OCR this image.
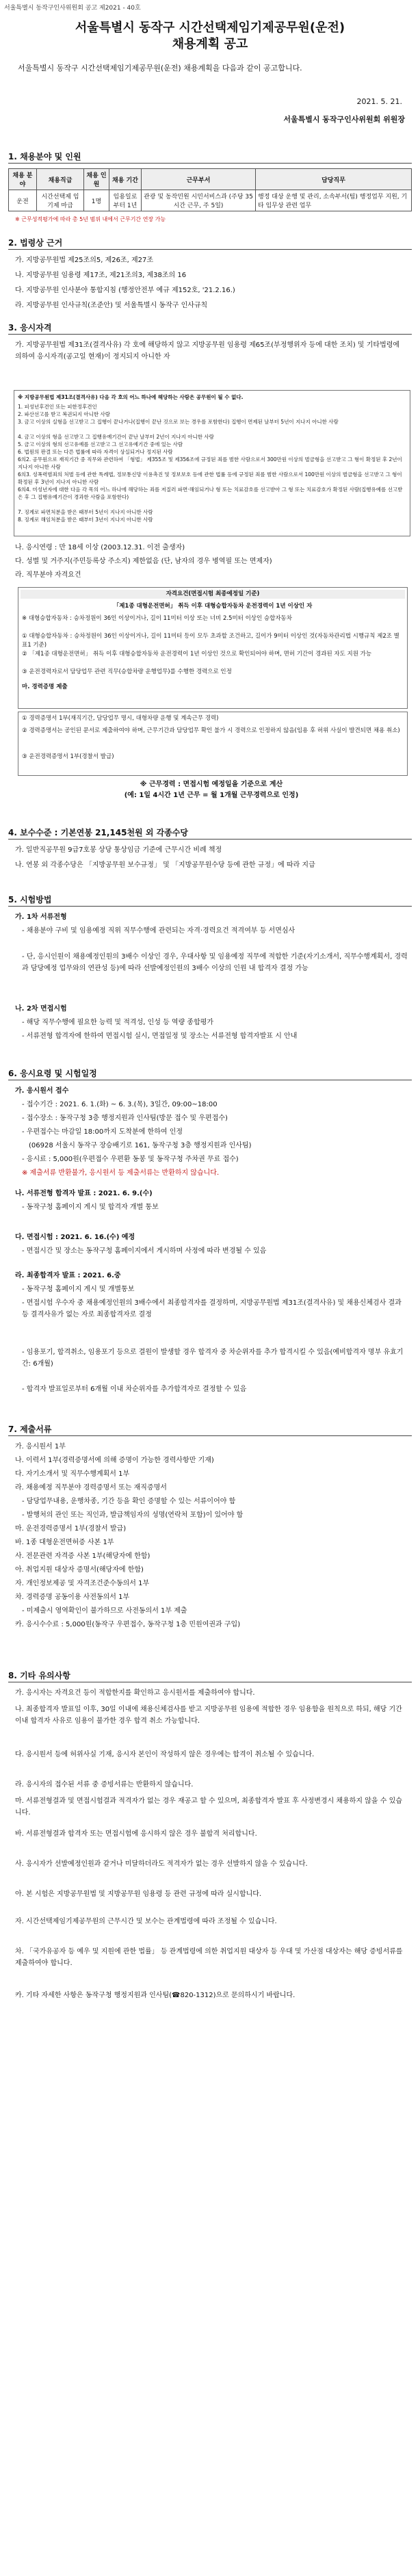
서울특별시 동작구인사위원회 공고 제2021 - 40호
서울특별시 동작구 시간선택제임기제공무원(운전)
채용계획 공고
서울특별시 동작구 시간선택제임기제공무원(운전) 채용계획을 다음과 같이 공고합니다.
2021. 5. 21.
서울특별시 동작구인사위원회 위원장
1. 채용분야 및 인원
채용 분야	채용직급	채용 인원	채용 기간	근무부서	담당직무
운전	시간선택제 임기제 마급	1명	임용일로부터 1년	관광 및 동작민원 시민서비스과 (주당 35시간 근무, 주 5일)	행정 대상 운행 및 관리, 소속부서(팀) 행정업무 지원, 기타 임무상 관련 업무
※ 근무성적평가에 따라 총 5년 범위 내에서 근무기간 연장 가능
2. 법령상 근거
가. 지방공무원법 제25조의5, 제26조, 제27조
나. 지방공무원 임용령 제17조, 제21조의3, 제38조의 16
다. 지방공무원 인사분야 통합지침 (행정안전부 예규 제152호, '21.2.16.)
라. 지방공무원 인사규칙(조준안) 및 서울특별시 동작구 인사규칙
3. 응시자격
가. 지방공무원법 제31조(결격사유) 각 호에 해당하지 않고 지방공무원 임용령 제65조(부정행위자 등에 대한 조치) 및 기타법령에 의하여 응시자격(공고일 현재)이 정지되지 아니한 자
※ 지방공무원법 제31조(결격사유) 다음 각 호의 어느 하나에 해당하는 사람은 공무원이 될 수 없다.
1. 피성년후견인 또는 피한정후견인
2. 파산선고를 받고 복권되지 아니한 사람
3. 금고 이상의 실형을 선고받고 그 집행이 끝나거나(집행이 끝난 것으로 보는 경우를 포함한다) 집행이 면제된 날부터 5년이 지나지 아니한 사람
4. 금고 이상의 형을 선고받고 그 집행유예기간이 끝난 날부터 2년이 지나지 아니한 사람
5. 금고 이상의 형의 선고유예를 선고받고 그 선고유예기간 중에 있는 사람
6. 법원의 판결 또는 다른 법률에 따라 자격이 상실되거나 정지된 사람
6의2. 공무원으로 재직기간 중 직무와 관련하여 「형법」 제355조 및 제356조에 규정된 죄를 범한 사람으로서 300만원 이상의 벌금형을 선고받고 그 형이 확정된 후 2년이 지나지 아니한 사람
6의3. 성폭력범죄의 처벌 등에 관한 특례법, 정보통신망 이용촉진 및 정보보호 등에 관한 법률 등에 규정된 죄를 범한 사람으로서 100만원 이상의 벌금형을 선고받고 그 형이 확정된 후 3년이 지나지 아니한 사람
6의4. 미성년자에 대한 다음 각 목의 어느 하나에 해당하는 죄를 저질러 파면·해임되거나 형 또는 치료감호를 선고받아 그 형 또는 치료감호가 확정된 사람(집행유예를 선고받은 후 그 집행유예기간이 경과한 사람을 포함한다)
7. 징계로 파면처분을 받은 때부터 5년이 지나지 아니한 사람
8. 징계로 해임처분을 받은 때부터 3년이 지나지 아니한 사람
나. 응시연령 : 만 18세 이상 (2003.12.31. 이전 출생자)
다. 성별 및 거주지(주민등록상 주소지) 제한없음 (단, 남자의 경우 병역필 또는 면제자)
라. 직무분야 자격요건
자격요건(면접시험 최종예정일 기준)
「제1종 대형운전면허」 취득 이후 대형승합자동차 운전경력이 1년 이상인 자
※ 대형승합자동차 : 승차정원이 36인 이상이거나, 길이 11미터 이상 또는 너비 2.5미터 이상인 승합자동차
① 대형승합자동차 : 승차정원이 36인 이상이거나, 길이 11미터 등이 모두 초과할 조건하고, 길이가 9미터 이상인 것(자동차관리법 시행규칙 제2조 별표1 기준)
② 「제1종 대형운전면허」 취득 이후 대형승합자동차 운전경력이 1년 이상인 것으로 확인되어야 하며, 면허 기간이 경과된 자도 지원 가능
③ 운전경력자로서 담당업무 관련 직무(승합차량 운행업무)를 수행한 경력으로 인정
마. 경력증명 제출
① 경력증명서 1부(재직기간, 담당업무 명시, 대형차량 운행 및 계속근무 경력)
② 경력증명서는 공인된 문서로 제출하여야 하며, 근무기간과 담당업무 확인 불가 시 경력으로 인정하지 않음(임용 후 허위 사실이 발견되면 채용 취소)
③ 운전경력증명서 1부(경찰서 발급)
※ 근무경력 : 면접시험 예정일을 기준으로 계산
(예: 1일 4시간 1년 근무 = 월 1개월 근무경력으로 인정)
4. 보수수준 : 기본연봉 21,145천원 외 각종수당
가. 일반직공무원 9급7호봉 상당 통상임금 기준에 근무시간 비례 책정
나. 연봉 외 각종수당은 「지방공무원 보수규정」 및 「지방공무원수당 등에 관한 규정」에 따라 지급
5. 시험방법
가. 1차 서류전형
- 채용분야 구비 및 임용예정 직위 직무수행에 관련되는 자격·경력요건 적격여부 등 서면심사
- 단, 응시인원이 채용예정인원의 3배수 이상인 경우, 우대사항 및 임용예정 직무에 적합한 기준(자기소개서, 직무수행계획서, 경력과 담당예정 업무와의 연관성 등)에 따라 선발예정인원의 3배수 이상의 인원 내 합격자 결정 가능
나. 2차 면접시험
- 해당 직무수행에 필요한 능력 및 적격성, 인성 등 역량 종합평가
- 서류전형 합격자에 한하여 면접시험 실시, 면접일정 및 장소는 서류전형 합격자발표 시 안내
6. 응시요령 및 시험일정
가. 응시원서 접수
- 접수기간 : 2021. 6. 1.(화) ~ 6. 3.(목), 3일간, 09:00~18:00
- 접수장소 : 동작구청 3층 행정지원과 인사팀(방문 접수 및 우편접수)
- 우편접수는 마감일 18:00까지 도착분에 한하여 인정
(06928 서울시 동작구 장승배기로 161, 동작구청 3층 행정지원과 인사팀)
- 응시료 : 5,000원(우편접수 우편환 동봉 및 동작구청 주차권 무료 접수)
※ 제출서류 반환불가, 응시원서 등 제출서류는 반환하지 않습니다.
나. 서류전형 합격자 발표 : 2021. 6. 9.(수)
- 동작구청 홈페이지 게시 및 합격자 개별 통보
다. 면접시험 : 2021. 6. 16.(수) 예정
- 면접시간 및 장소는 동작구청 홈페이지에서 게시하며 사정에 따라 변경될 수 있음
라. 최종합격자 발표 : 2021. 6.중
- 동작구청 홈페이지 게시 및 개별통보
- 면접시험 우수자 중 채용예정인원의 3배수에서 최종합격자를 결정하며, 지방공무원법 제31조(결격사유) 및 채용신체검사 결과 등 결격사유가 없는 자로 최종합격자로 결정
- 임용포기, 합격취소, 임용포기 등으로 결원이 발생할 경우 합격자 중 차순위자를 추가 합격시킬 수 있음(예비합격자 명부 유효기간: 6개월)
- 합격자 발표일로부터 6개월 이내 차순위자를 추가합격자로 결정할 수 있음
7. 제출서류
가. 응시원서 1부
나. 이력서 1부(경력증명서에 의해 증명이 가능한 경력사항만 기재)
다. 자기소개서 및 직무수행계획서 1부
라. 채용예정 직무분야 경력증명서 또는 재직증명서
- 담당업무내용, 운행차종, 기간 등을 확인 증명할 수 있는 서류이어야 함
- 발행처의 관인 또는 직인과, 발급책임자의 성명(연락처 포함)이 있어야 함
마. 운전경력증명서 1부(경찰서 발급)
바. 1종 대형운전면허증 사본 1부
사. 전문관련 자격증 사본 1부(해당자에 한함)
아. 취업지원 대상자 증명서(해당자에 한함)
자. 개인정보제공 및 자격조건준수동의서 1부
차. 경력증명 공동이용 사전동의서 1부
- 미제출시 영역확인이 불가하므로 사전동의서 1부 제출
카. 응시수수료 : 5,000원(동작구 우편접수, 동작구청 1층 민원여권과 구입)
8. 기타 유의사항
가. 응시자는 자격요건 등이 적합한지를 확인하고 응시원서를 제출하여야 합니다.
나. 최종합격자 발표일 이후, 30일 이내에 채용신체검사를 받고 지방공무원 임용에 적합한 경우 임용함을 원칙으로 하되, 해당 기간 이내 합격자 사유로 임용이 불가한 경우 합격 취소 가능합니다.
다. 응시원서 등에 허위사실 기재, 응시자 본인이 작성하지 않은 경우에는 합격이 취소될 수 있습니다.
라. 응시자의 접수된 서류 중 증빙서류는 반환하지 않습니다.
마. 서류전형결과 및 면접시험결과 적격자가 없는 경우 재공고 할 수 있으며, 최종합격자 발표 후 사정변경시 채용하지 않을 수 있습니다.
바. 서류전형결과 합격자 또는 면접시험에 응시하지 않은 경우 불합격 처리합니다.
사. 응시자가 선발예정인원과 같거나 미달하더라도 적격자가 없는 경우 선발하지 않을 수 있습니다.
아. 본 시험은 지방공무원법 및 지방공무원 임용령 등 관련 규정에 따라 실시합니다.
자. 시간선택제임기제공무원의 근무시간 및 보수는 관계법령에 따라 조정될 수 있습니다.
차. 「국가유공자 등 예우 및 지원에 관한 법률」 등 관계법령에 의한 취업지원 대상자 등 우대 및 가산점 대상자는 해당 증빙서류를 제출하여야 합니다.
카. 기타 자세한 사항은 동작구청 행정지원과 인사팀(☎820-1312)으로 문의하시기 바랍니다.
